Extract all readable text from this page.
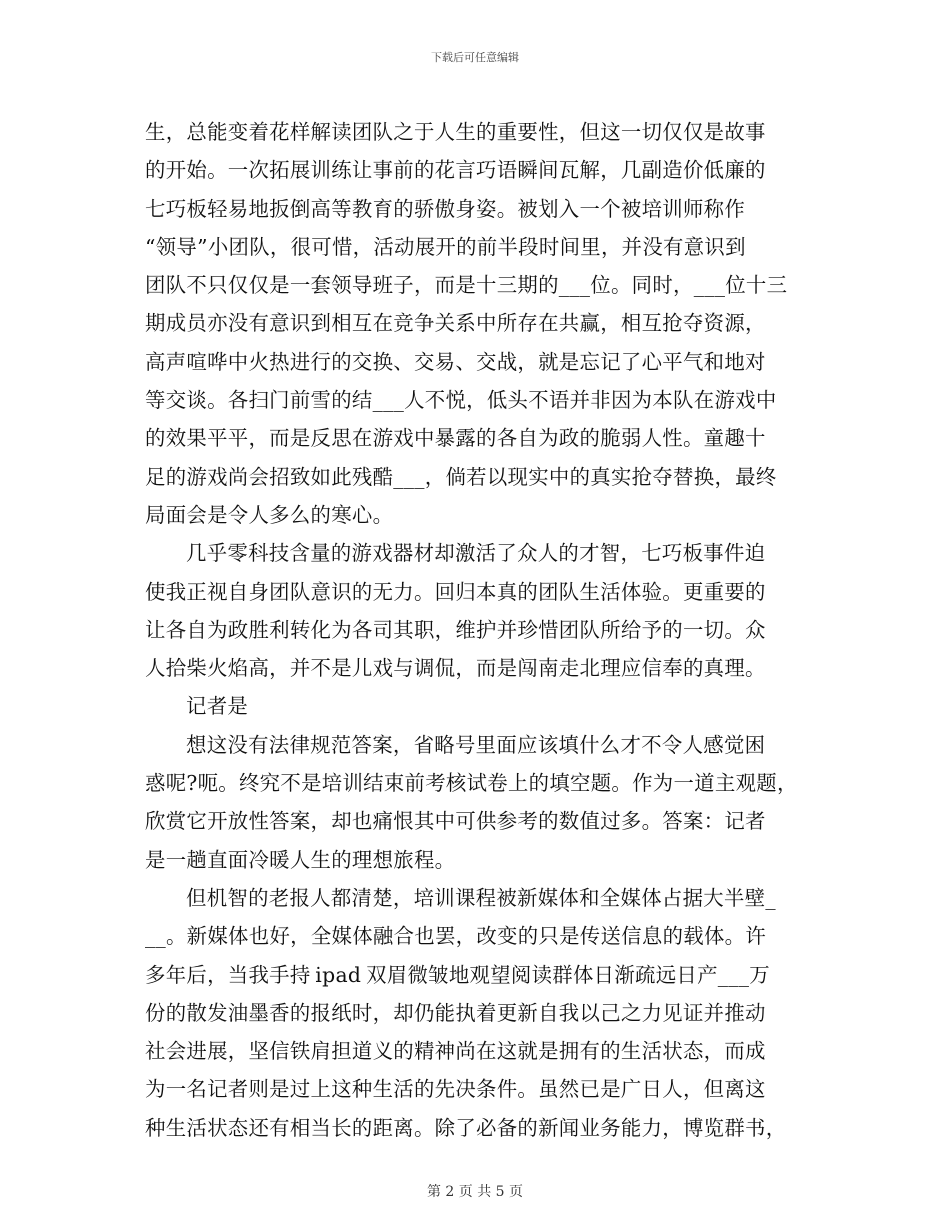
下载后可任意编辑
生，总能变着花样解读团队之于人生的重要性，但这一切仅仅是故事
的开始。一次拓展训练让事前的花言巧语瞬间瓦解，几副造价低廉的
七巧板轻易地扳倒高等教育的骄傲身姿。被划入一个被培训师称作
“领导”小团队，很可惜，活动展开的前半段时间里，并没有意识到
团队不只仅仅是一套领导班子，而是十三期的___位。同时，___位十三
期成员亦没有意识到相互在竞争关系中所存在共赢，相互抢夺资源，
高声喧哗中火热进行的交换、交易、交战，就是忘记了心平气和地对
等交谈。各扫门前雪的结___人不悦，低头不语并非因为本队在游戏中
的效果平平，而是反思在游戏中暴露的各自为政的脆弱人性。童趣十
足的游戏尚会招致如此残酷___，倘若以现实中的真实抢夺替换，最终
局面会是令人多么的寒心。
几乎零科技含量的游戏器材却激活了众人的才智，七巧板事件迫
使我正视自身团队意识的无力。回归本真的团队生活体验。更重要的
让各自为政胜利转化为各司其职，维护并珍惜团队所给予的一切。众
人拾柴火焰高，并不是儿戏与调侃，而是闯南走北理应信奉的真理。
记者是
想这没有法律规范答案，省略号里面应该填什么才不令人感觉困
惑呢?呃。终究不是培训结束前考核试卷上的填空题。作为一道主观题，
欣赏它开放性答案，却也痛恨其中可供参考的数值过多。答案：记者
是一趟直面冷暖人生的理想旅程。
但机智的老报人都清楚，培训课程被新媒体和全媒体占据大半壁_
__。新媒体也好，全媒体融合也罢，改变的只是传送信息的载体。许
多年后，当我手持 ipad 双眉微皱地观望阅读群体日渐疏远日产___万
份的散发油墨香的报纸时，却仍能执着更新自我以己之力见证并推动
社会进展，坚信铁肩担道义的精神尚在这就是拥有的生活状态，而成
为一名记者则是过上这种生活的先决条件。虽然已是广日人，但离这
种生活状态还有相当长的距离。除了必备的新闻业务能力，博览群书，
第 2 页 共 5 页
